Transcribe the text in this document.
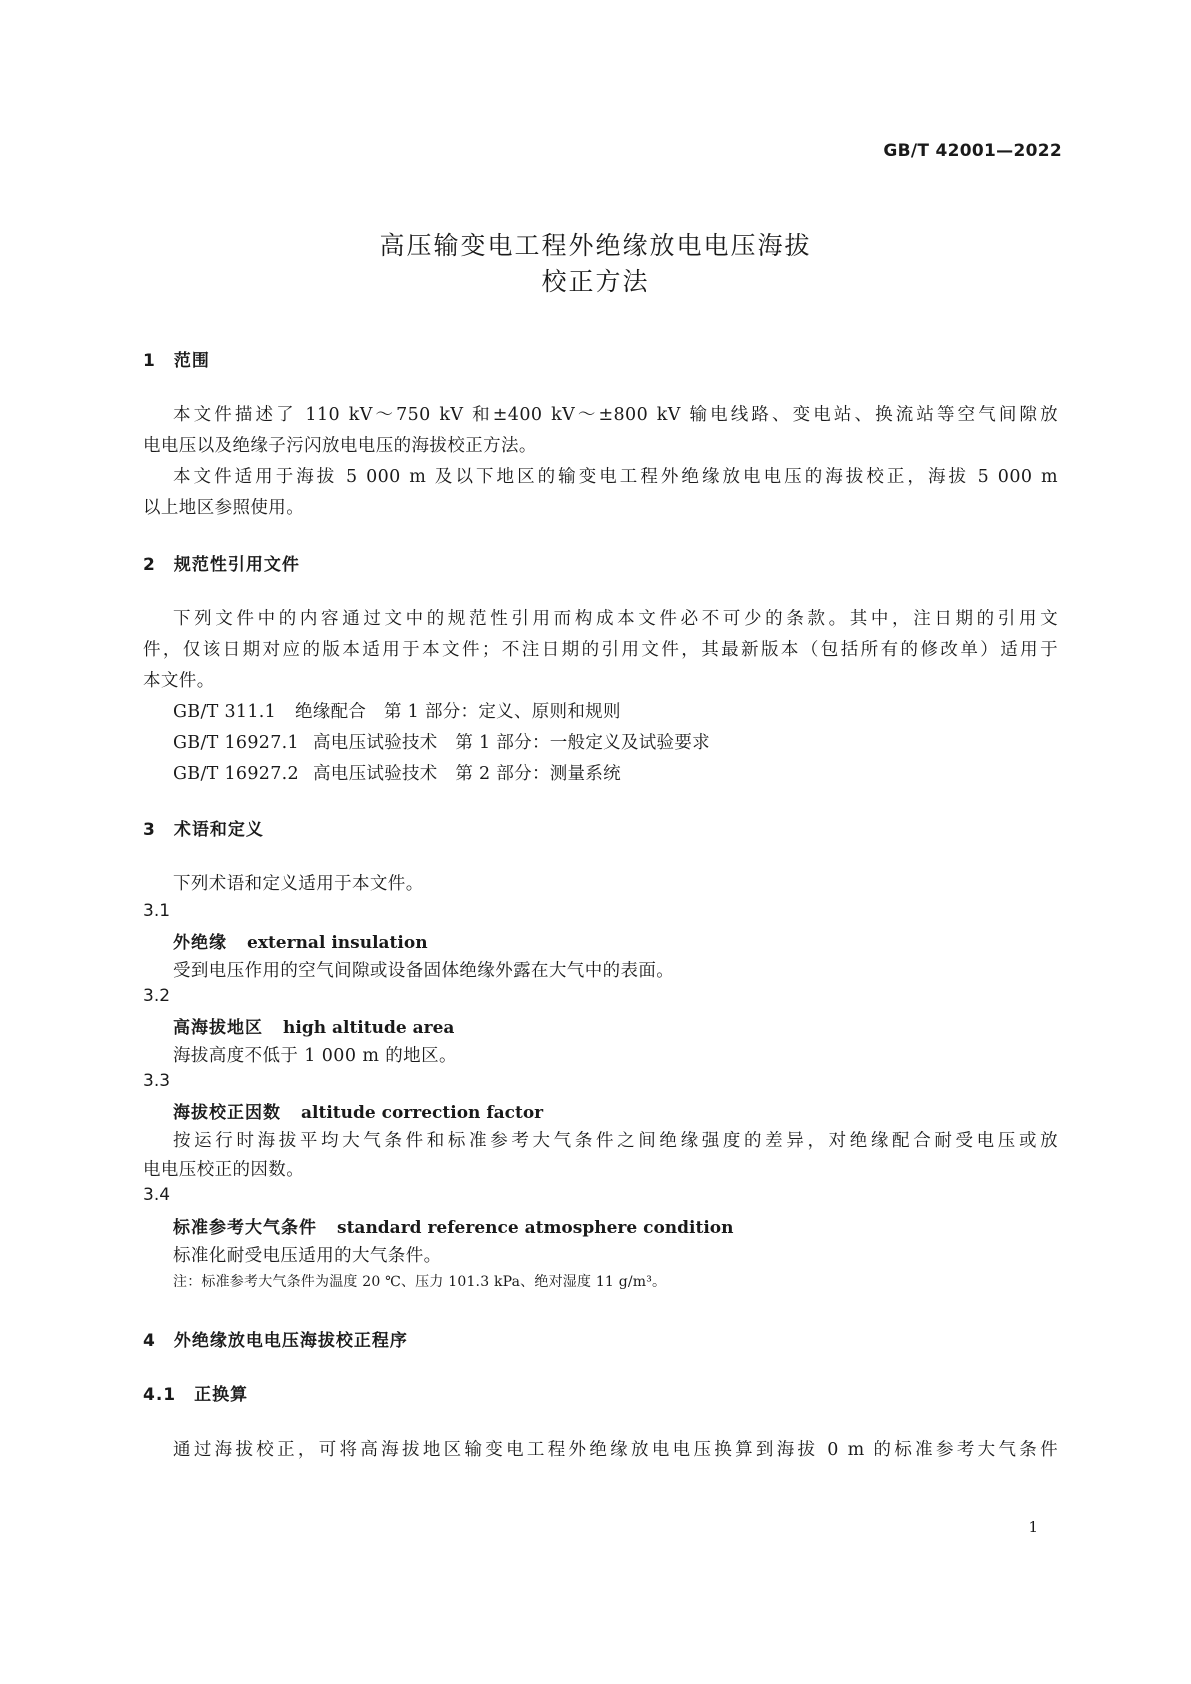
GB/T 42001—2022
高压输变电工程外绝缘放电电压海拔
校正方法
1　范围
本文件描述了 110 kV～750 kV 和±400 kV～±800 kV 输电线路、变电站、换流站等空气间隙放
电电压以及绝缘子污闪放电电压的海拔校正方法。
本文件适用于海拔 5 000 m 及以下地区的输变电工程外绝缘放电电压的海拔校正，海拔 5 000 m
以上地区参照使用。
2　规范性引用文件
下列文件中的内容通过文中的规范性引用而构成本文件必不可少的条款。其中，注日期的引用文
件，仅该日期对应的版本适用于本文件；不注日期的引用文件，其最新版本（包括所有的修改单）适用于
本文件。
GB/T 311.1 绝缘配合　第 1 部分：定义、原则和规则
GB/T 16927.1 高电压试验技术　第 1 部分：一般定义及试验要求
GB/T 16927.2 高电压试验技术　第 2 部分：测量系统
3　术语和定义
下列术语和定义适用于本文件。
3.1
外绝缘 external insulation
受到电压作用的空气间隙或设备固体绝缘外露在大气中的表面。
3.2
高海拔地区 high altitude area
海拔高度不低于 1 000 m 的地区。
3.3
海拔校正因数 altitude correction factor
按运行时海拔平均大气条件和标准参考大气条件之间绝缘强度的差异，对绝缘配合耐受电压或放
电电压校正的因数。
3.4
标准参考大气条件 standard reference atmosphere condition
标准化耐受电压适用的大气条件。
注：标准参考大气条件为温度 20 ℃、压力 101.3 kPa、绝对湿度 11 g/m³。
4　外绝缘放电电压海拔校正程序
4.1　正换算
通过海拔校正，可将高海拔地区输变电工程外绝缘放电电压换算到海拔 0 m 的标准参考大气条件
1
